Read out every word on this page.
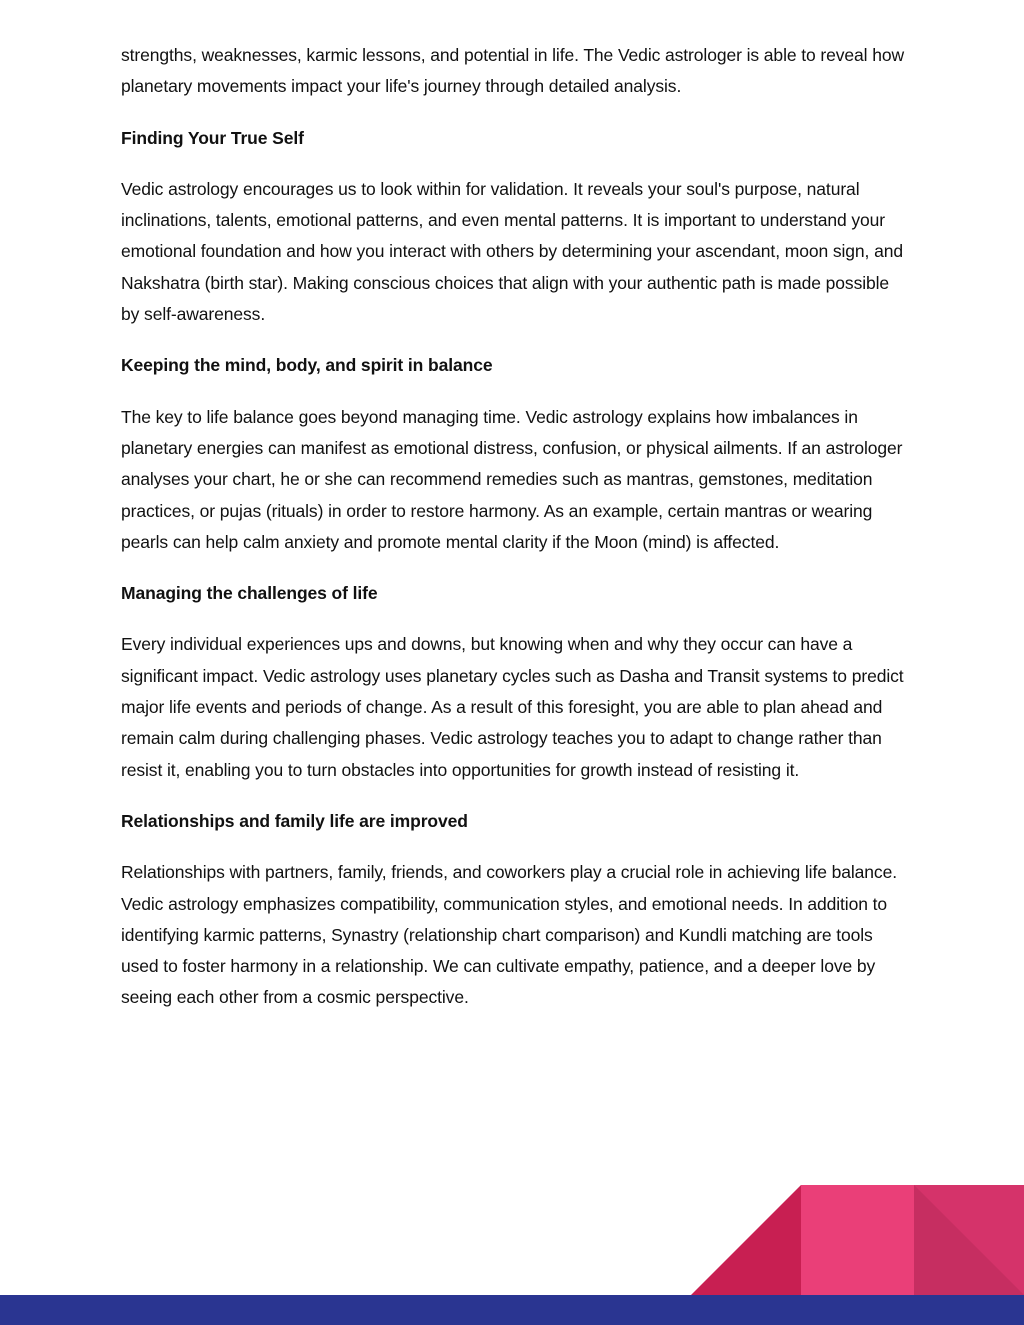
strengths, weaknesses, karmic lessons, and potential in life. The Vedic astrologer is able to reveal how planetary movements impact your life's journey through detailed analysis.

Finding Your True Self

Vedic astrology encourages us to look within for validation. It reveals your soul's purpose, natural inclinations, talents, emotional patterns, and even mental patterns. It is important to understand your emotional foundation and how you interact with others by determining your ascendant, moon sign, and Nakshatra (birth star). Making conscious choices that align with your authentic path is made possible by self-awareness.

Keeping the mind, body, and spirit in balance

The key to life balance goes beyond managing time. Vedic astrology explains how imbalances in planetary energies can manifest as emotional distress, confusion, or physical ailments. If an astrologer analyses your chart, he or she can recommend remedies such as mantras, gemstones, meditation practices, or pujas (rituals) in order to restore harmony. As an example, certain mantras or wearing pearls can help calm anxiety and promote mental clarity if the Moon (mind) is affected.

Managing the challenges of life

Every individual experiences ups and downs, but knowing when and why they occur can have a significant impact. Vedic astrology uses planetary cycles such as Dasha and Transit systems to predict major life events and periods of change. As a result of this foresight, you are able to plan ahead and remain calm during challenging phases. Vedic astrology teaches you to adapt to change rather than resist it, enabling you to turn obstacles into opportunities for growth instead of resisting it.

Relationships and family life are improved

Relationships with partners, family, friends, and coworkers play a crucial role in achieving life balance. Vedic astrology emphasizes compatibility, communication styles, and emotional needs. In addition to identifying karmic patterns, Synastry (relationship chart comparison) and Kundli matching are tools used to foster harmony in a relationship. We can cultivate empathy, patience, and a deeper love by seeing each other from a cosmic perspective.
